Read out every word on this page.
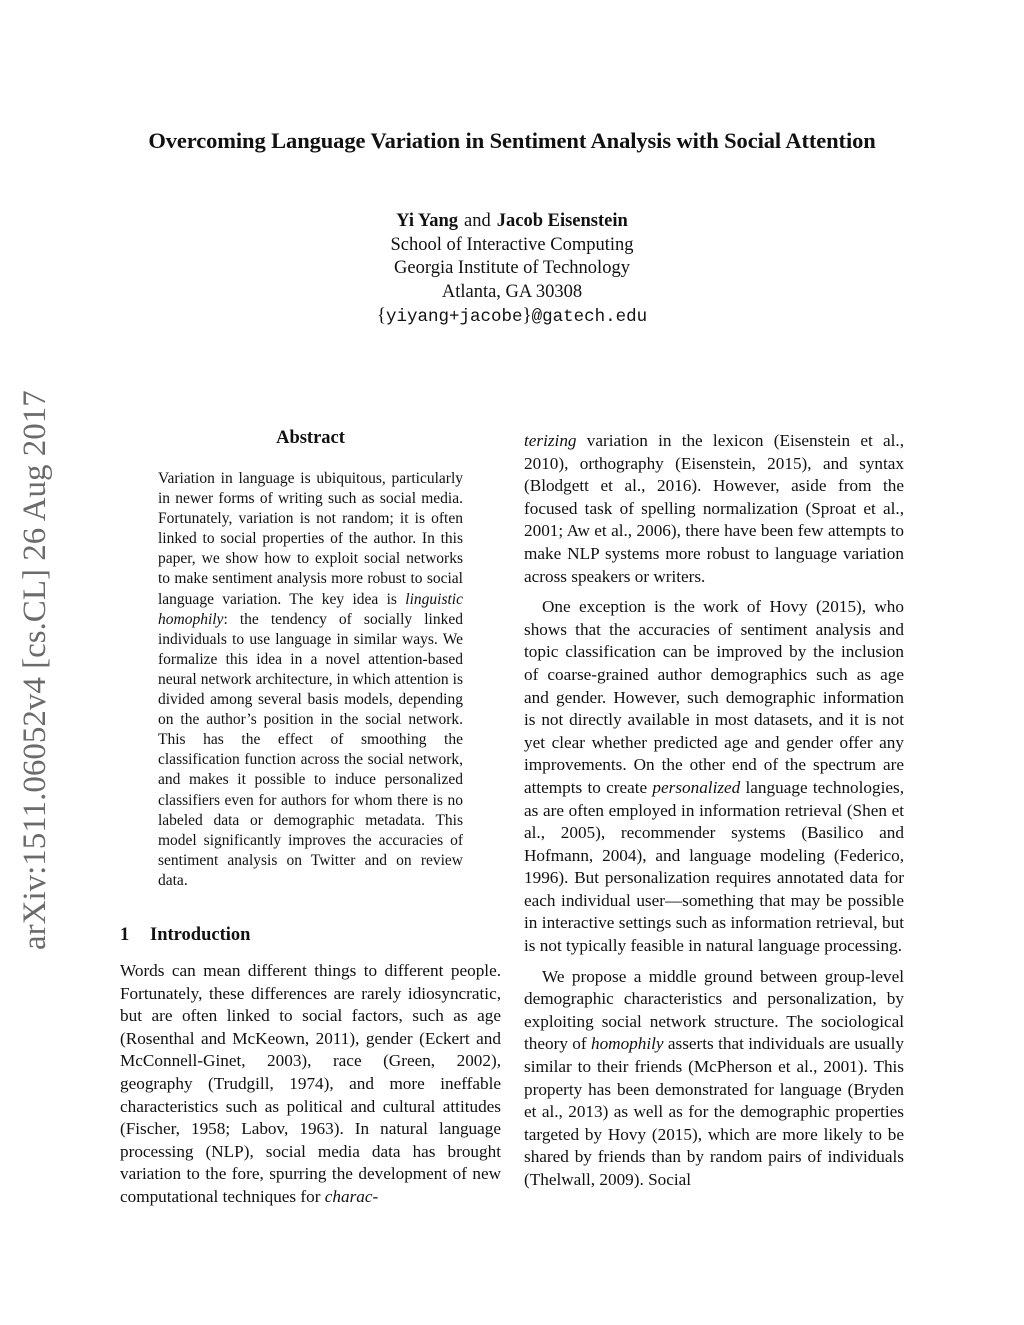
Overcoming Language Variation in Sentiment Analysis with Social Attention
Yi Yang and Jacob Eisenstein
School of Interactive Computing
Georgia Institute of Technology
Atlanta, GA 30308
{yiyang+jacobe}@gatech.edu
arXiv:1511.06052v4 [cs.CL] 26 Aug 2017	Abstract
Variation in language is ubiquitous, particularly in newer forms of writing such as social media. Fortunately, variation is not random; it is often linked to social properties of the author. In this paper, we show how to exploit social networks to make sentiment analysis more robust to social language variation. The key idea is linguistic homophily: the tendency of socially linked individuals to use language in similar ways. We formalize this idea in a novel attention-based neural network architecture, in which attention is divided among several basis models, depending on the author’s position in the social network. This has the effect of smoothing the classification function across the social network, and makes it possible to induce personalized classifiers even for authors for whom there is no labeled data or demographic metadata. This model significantly improves the accuracies of sentiment analysis on Twitter and on review data.
1 Introduction
Words can mean different things to different people. Fortunately, these differences are rarely idiosyncratic, but are often linked to social factors, such as age (Rosenthal and McKeown, 2011), gender (Eckert and McConnell-Ginet, 2003), race (Green, 2002), geography (Trudgill, 1974), and more ineffable characteristics such as political and cultural attitudes (Fischer, 1958; Labov, 1963). In natural language processing (NLP), social media data has brought variation to the fore, spurring the development of new computational techniques for charac-

terizing variation in the lexicon (Eisenstein et al., 2010), orthography (Eisenstein, 2015), and syntax (Blodgett et al., 2016). However, aside from the focused task of spelling normalization (Sproat et al., 2001; Aw et al., 2006), there have been few attempts to make NLP systems more robust to language variation across speakers or writers.

One exception is the work of Hovy (2015), who shows that the accuracies of sentiment analysis and topic classification can be improved by the inclusion of coarse-grained author demographics such as age and gender. However, such demographic information is not directly available in most datasets, and it is not yet clear whether predicted age and gender offer any improvements. On the other end of the spectrum are attempts to create personalized language technologies, as are often employed in information retrieval (Shen et al., 2005), recommender systems (Basilico and Hofmann, 2004), and language modeling (Federico, 1996). But personalization requires annotated data for each individual user—something that may be possible in interactive settings such as information retrieval, but is not typically feasible in natural language processing.

We propose a middle ground between group-level demographic characteristics and personalization, by exploiting social network structure. The sociological theory of homophily asserts that individuals are usually similar to their friends (McPherson et al., 2001). This property has been demonstrated for language (Bryden et al., 2013) as well as for the demographic properties targeted by Hovy (2015), which are more likely to be shared by friends than by random pairs of individuals (Thelwall, 2009). Social
